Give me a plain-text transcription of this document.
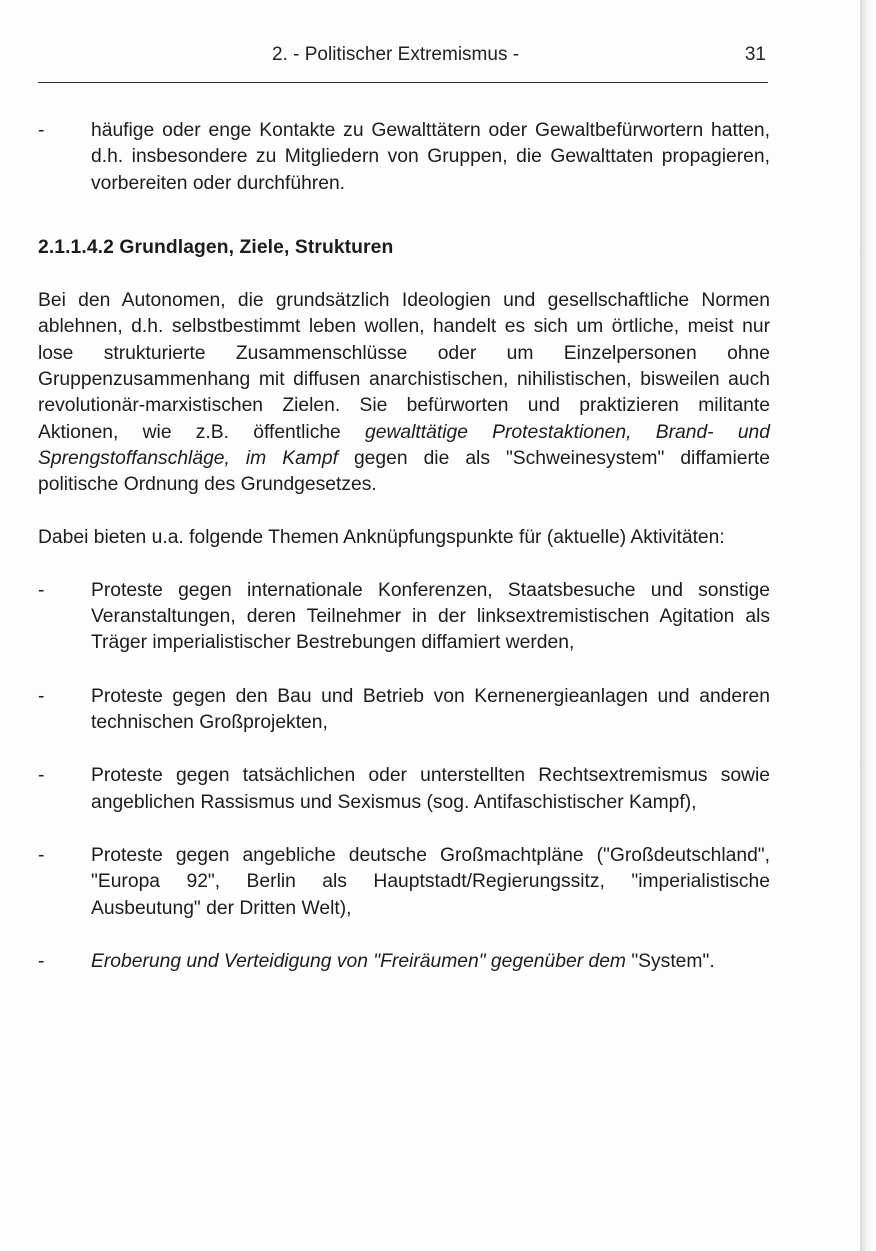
2. - Politischer Extremismus -	31
- häufige oder enge Kontakte zu Gewalttätern oder Gewaltbefürwortern hatten, d.h. insbesondere zu Mitgliedern von Gruppen, die Gewalttaten propagieren, vorbereiten oder durchführen.
2.1.1.4.2 Grundlagen, Ziele, Strukturen
Bei den Autonomen, die grundsätzlich Ideologien und gesellschaftliche Normen ablehnen, d.h. selbstbestimmt leben wollen, handelt es sich um örtliche, meist nur lose strukturierte Zusammenschlüsse oder um Einzelpersonen ohne Gruppenzusammenhang mit diffusen anarchistischen, nihilistischen, bisweilen auch revolutionär-marxistischen Zielen. Sie befürworten und praktizieren militante Aktionen, wie z.B. öffentliche gewalttätige Protestaktionen, Brand- und Sprengstoffanschläge, im Kampf gegen die als "Schweinesystem" diffamierte politische Ordnung des Grundgesetzes.
Dabei bieten u.a. folgende Themen Anknüpfungspunkte für (aktuelle) Aktivitäten:
- Proteste gegen internationale Konferenzen, Staatsbesuche und sonstige Veranstaltungen, deren Teilnehmer in der linksextremistischen Agitation als Träger imperialistischer Bestrebungen diffamiert werden,
- Proteste gegen den Bau und Betrieb von Kernenergieanlagen und anderen technischen Großprojekten,
- Proteste gegen tatsächlichen oder unterstellten Rechtsextremismus sowie angeblichen Rassismus und Sexismus (sog. Antifaschistischer Kampf),
- Proteste gegen angebliche deutsche Großmachtpläne ("Großdeutschland", "Europa 92", Berlin als Hauptstadt/Regierungssitz, "imperialistische Ausbeutung" der Dritten Welt),
- Eroberung und Verteidigung von "Freiräumen" gegenüber dem "System".
